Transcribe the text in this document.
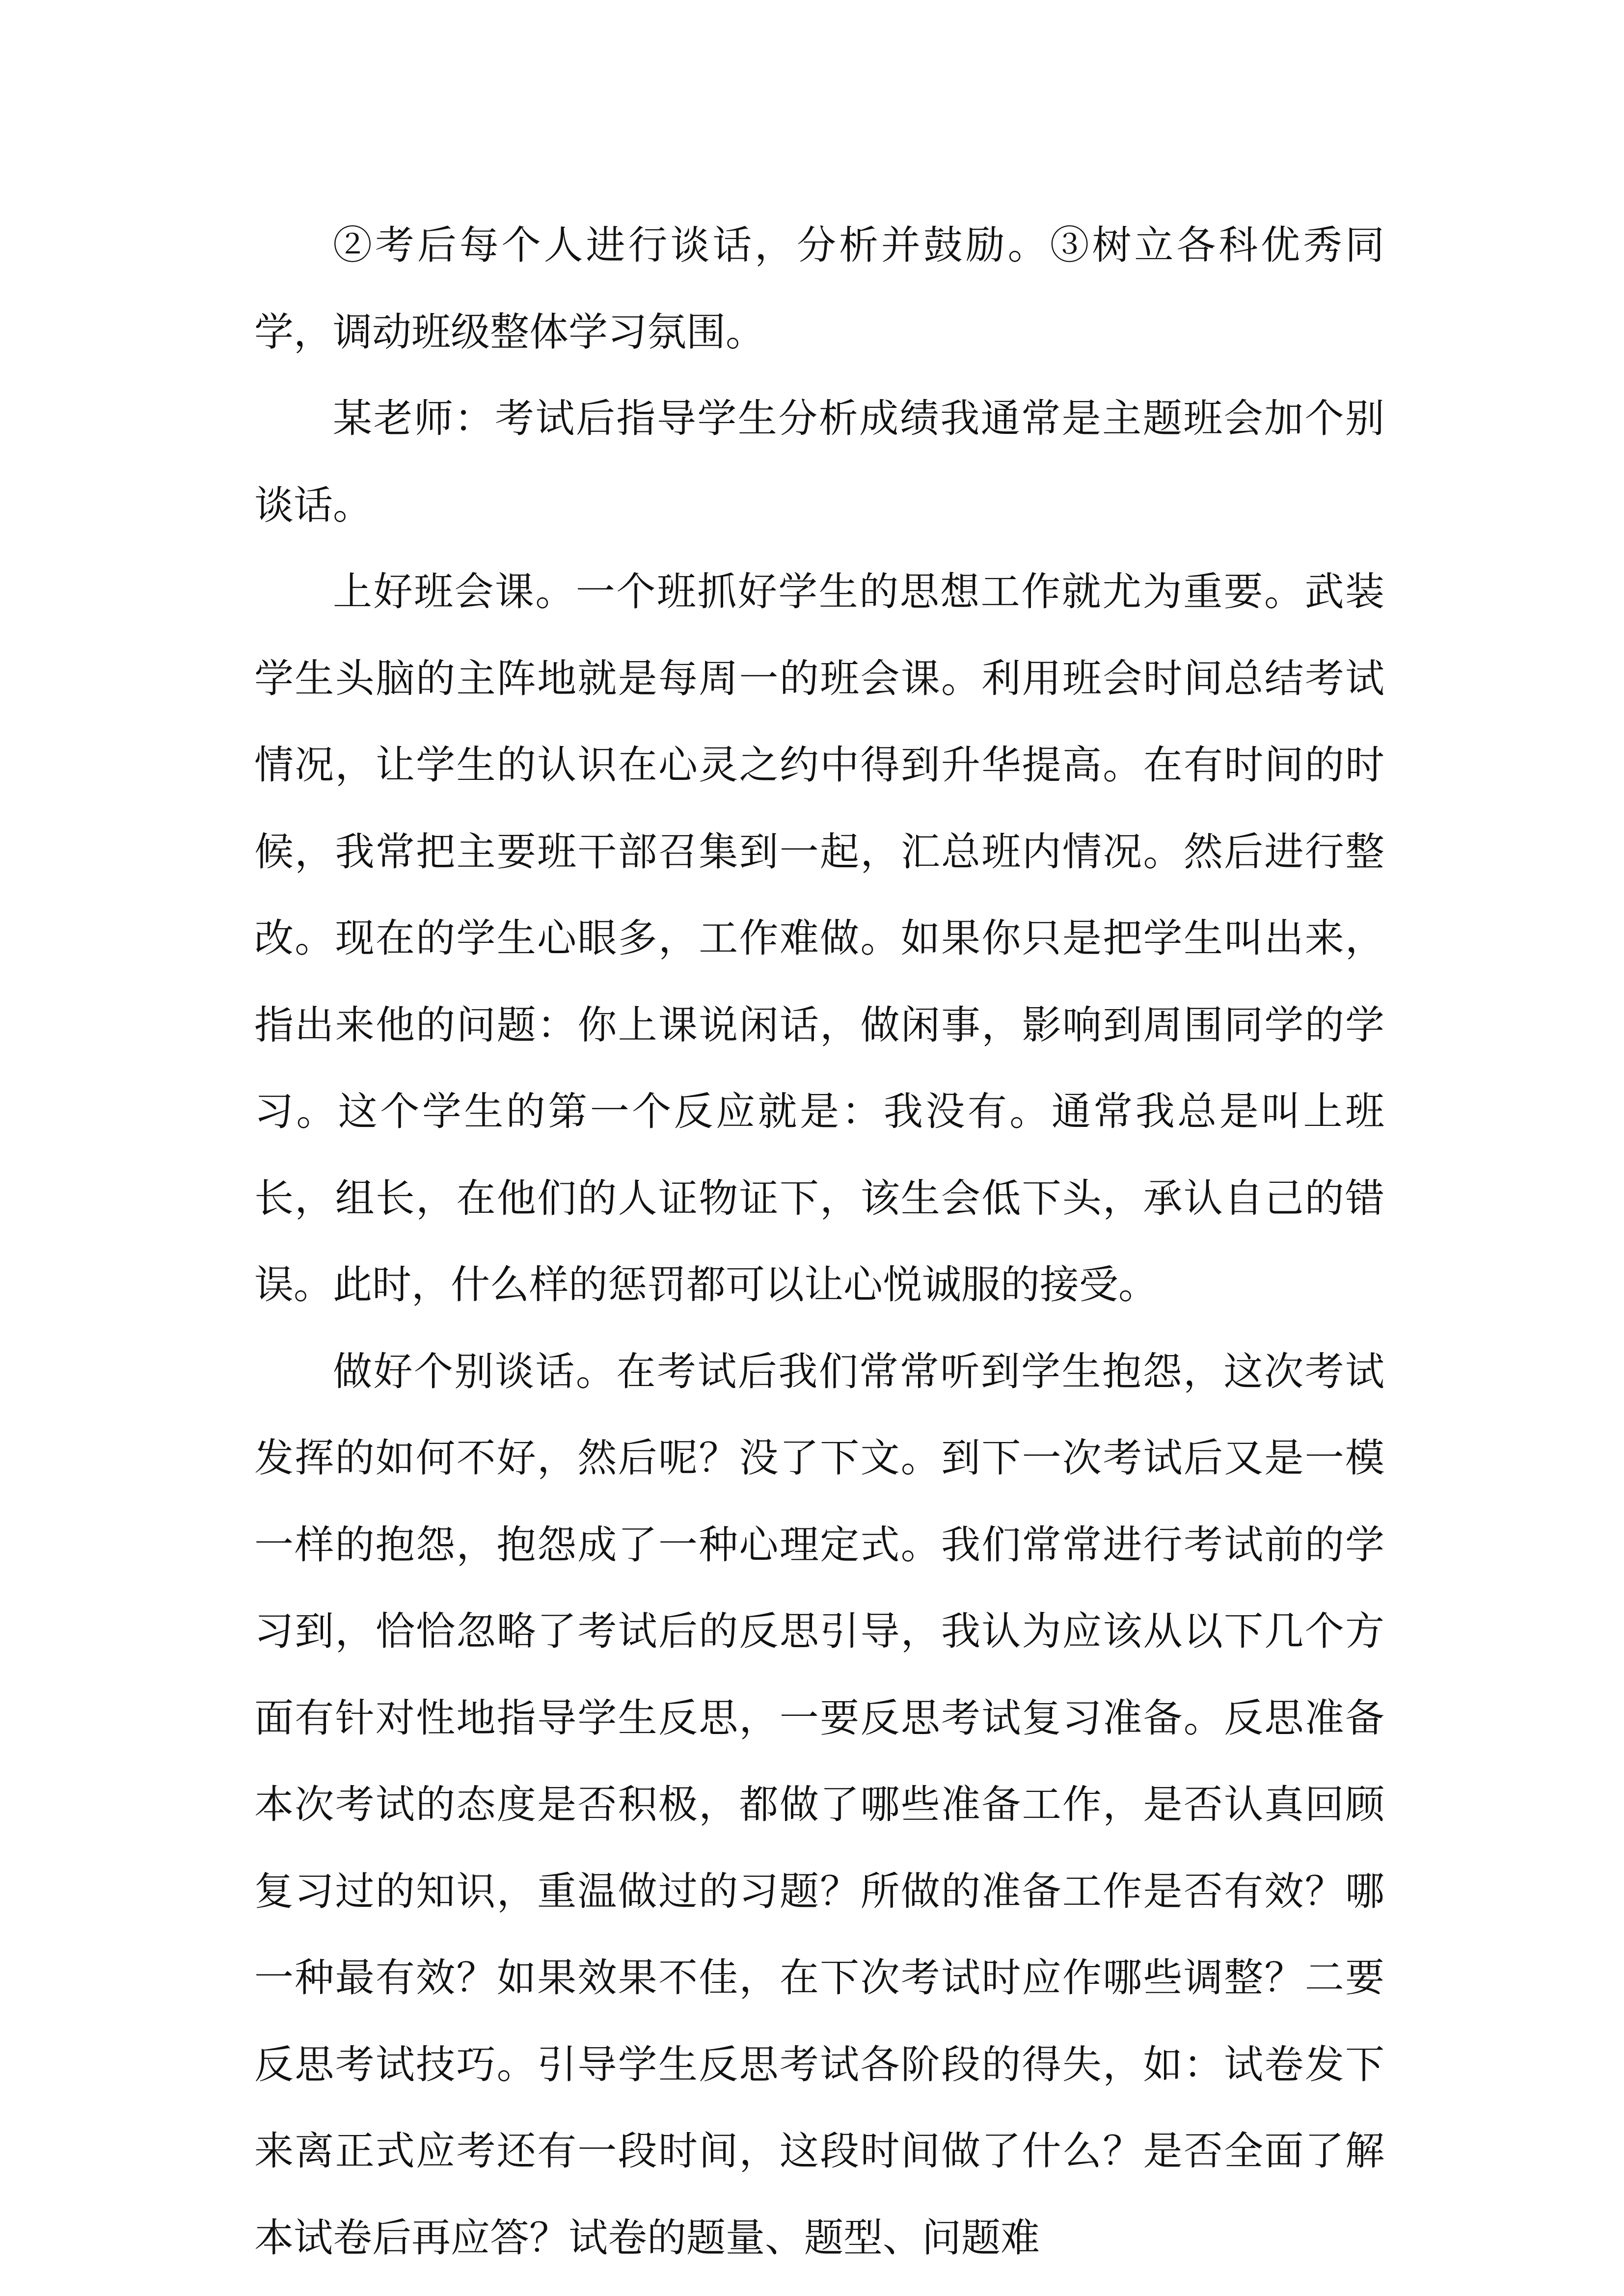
②考后每个人进行谈话，分析并鼓励。③树立各科优秀同学，调动班级整体学习氛围。

某老师：考试后指导学生分析成绩我通常是主题班会加个别谈话。

上好班会课。一个班抓好学生的思想工作就尤为重要。武装学生头脑的主阵地就是每周一的班会课。利用班会时间总结考试情况，让学生的认识在心灵之约中得到升华提高。在有时间的时候，我常把主要班干部召集到一起，汇总班内情况。然后进行整改。现在的学生心眼多，工作难做。如果你只是把学生叫出来，指出来他的问题：你上课说闲话，做闲事，影响到周围同学的学习。这个学生的第一个反应就是：我没有。通常我总是叫上班长，组长，在他们的人证物证下，该生会低下头，承认自己的错误。此时，什么样的惩罚都可以让心悦诚服的接受。

做好个别谈话。在考试后我们常常听到学生抱怨，这次考试发挥的如何不好，然后呢？没了下文。到下一次考试后又是一模一样的抱怨，抱怨成了一种心理定式。我们常常进行考试前的学习到，恰恰忽略了考试后的反思引导，我认为应该从以下几个方面有针对性地指导学生反思，一要反思考试复习准备。反思准备本次考试的态度是否积极，都做了哪些准备工作，是否认真回顾复习过的知识，重温做过的习题？所做的准备工作是否有效？哪一种最有效？如果效果不佳，在下次考试时应作哪些调整？二要反思考试技巧。引导学生反思考试各阶段的得失，如：试卷发下来离正式应考还有一段时间，这段时间做了什么？是否全面了解本试卷后再应答？试卷的题量、题型、问题难
